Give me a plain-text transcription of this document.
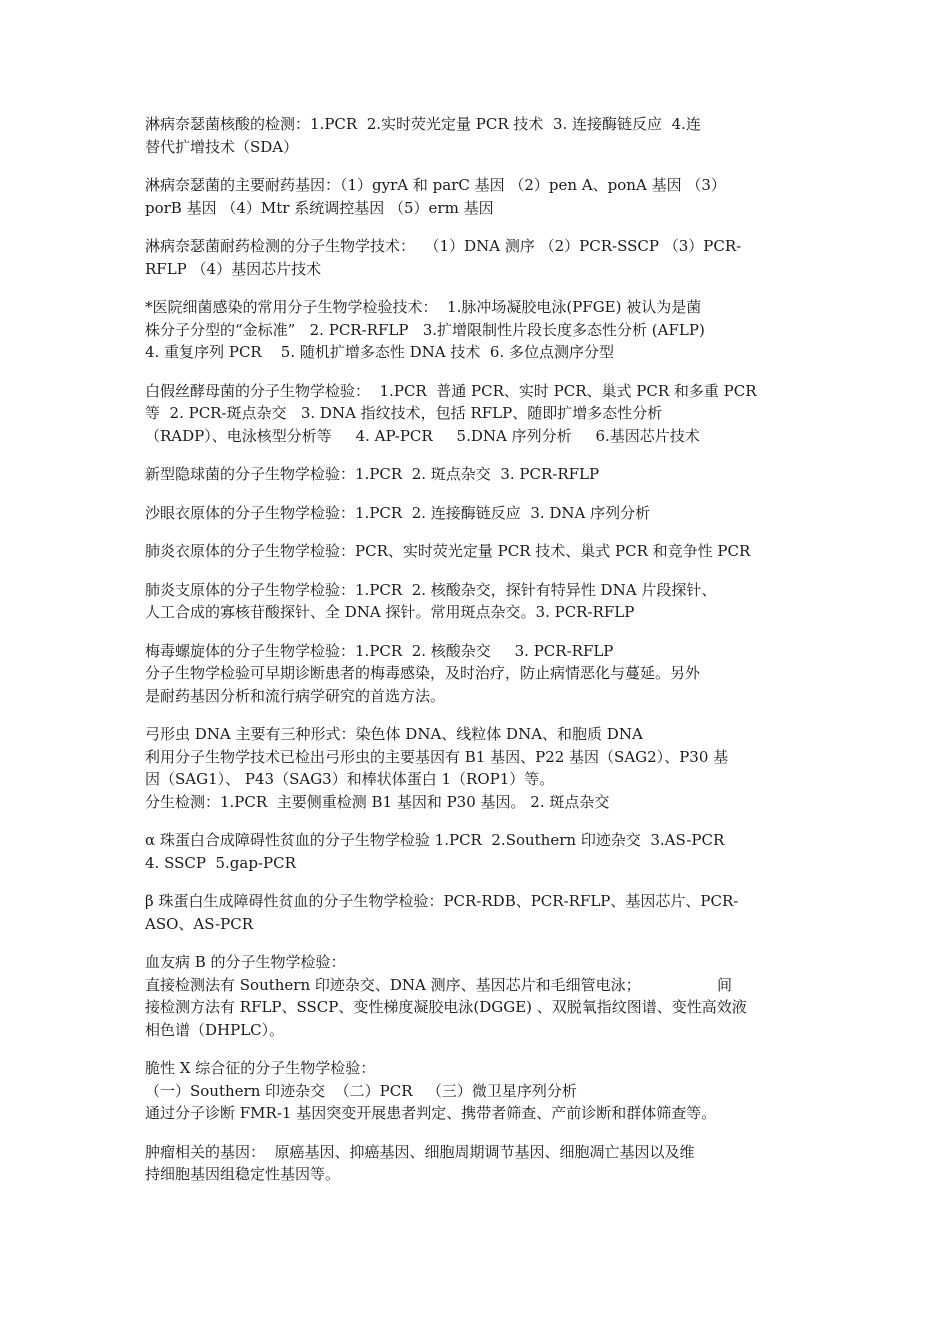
淋病奈瑟菌核酸的检测：1.PCR  2.实时荧光定量 PCR 技术  3. 连接酶链反应  4.连
替代扩增技术（SDA）
淋病奈瑟菌的主要耐药基因：（1）gyrA 和 parC 基因 （2）pen A、ponA 基因 （3）
porB 基因 （4）Mtr 系统调控基因 （5）erm 基因
淋病奈瑟菌耐药检测的分子生物学技术：  （1）DNA 测序 （2）PCR-SSCP （3）PCR-
RFLP （4）基因芯片技术
*医院细菌感染的常用分子生物学检验技术：  1.脉冲场凝胶电泳(PFGE) 被认为是菌
株分子分型的“金标准”   2. PCR-RFLP   3.扩增限制性片段长度多态性分析 (AFLP)
4. 重复序列 PCR    5. 随机扩增多态性 DNA 技术  6. 多位点测序分型
白假丝酵母菌的分子生物学检验：  1.PCR  普通 PCR、实时 PCR、巢式 PCR 和多重 PCR
等  2. PCR-斑点杂交   3. DNA 指纹技术，包括 RFLP、随即扩增多态性分析
（RADP）、电泳核型分析等     4. AP-PCR     5.DNA 序列分析     6.基因芯片技术
新型隐球菌的分子生物学检验：1.PCR  2. 斑点杂交  3. PCR-RFLP
沙眼衣原体的分子生物学检验：1.PCR  2. 连接酶链反应  3. DNA 序列分析
肺炎衣原体的分子生物学检验：PCR、实时荧光定量 PCR 技术、巢式 PCR 和竞争性 PCR
肺炎支原体的分子生物学检验：1.PCR  2. 核酸杂交，探针有特异性 DNA 片段探针、
人工合成的寡核苷酸探针、全 DNA 探针。常用斑点杂交。3. PCR-RFLP
梅毒螺旋体的分子生物学检验：1.PCR  2. 核酸杂交     3. PCR-RFLP
分子生物学检验可早期诊断患者的梅毒感染，及时治疗，防止病情恶化与蔓延。另外
是耐药基因分析和流行病学研究的首选方法。
弓形虫 DNA 主要有三种形式：染色体 DNA、线粒体 DNA、和胞质 DNA
利用分子生物学技术已检出弓形虫的主要基因有 B1 基因、P22 基因（SAG2）、P30 基
因（SAG1）、 P43（SAG3）和棒状体蛋白 1（ROP1）等。
分生检测：1.PCR  主要侧重检测 B1 基因和 P30 基因。 2. 斑点杂交
α 珠蛋白合成障碍性贫血的分子生物学检验 1.PCR  2.Southern 印迹杂交  3.AS-PCR
4. SSCP  5.gap-PCR
β 珠蛋白生成障碍性贫血的分子生物学检验：PCR-RDB、PCR-RFLP、基因芯片、PCR-
ASO、AS-PCR
血友病 B 的分子生物学检验：
直接检测法有 Southern 印迹杂交、DNA 测序、基因芯片和毛细管电泳；                间
接检测方法有 RFLP、SSCP、变性梯度凝胶电泳(DGGE) 、双脱氧指纹图谱、变性高效液
相色谱（DHPLC）。
脆性 X 综合征的分子生物学检验：
（一）Southern 印迹杂交  （二）PCR   （三）微卫星序列分析
通过分子诊断 FMR-1 基因突变开展患者判定、携带者筛查、产前诊断和群体筛查等。
肿瘤相关的基因：  原癌基因、抑癌基因、细胞周期调节基因、细胞凋亡基因以及维
持细胞基因组稳定性基因等。
